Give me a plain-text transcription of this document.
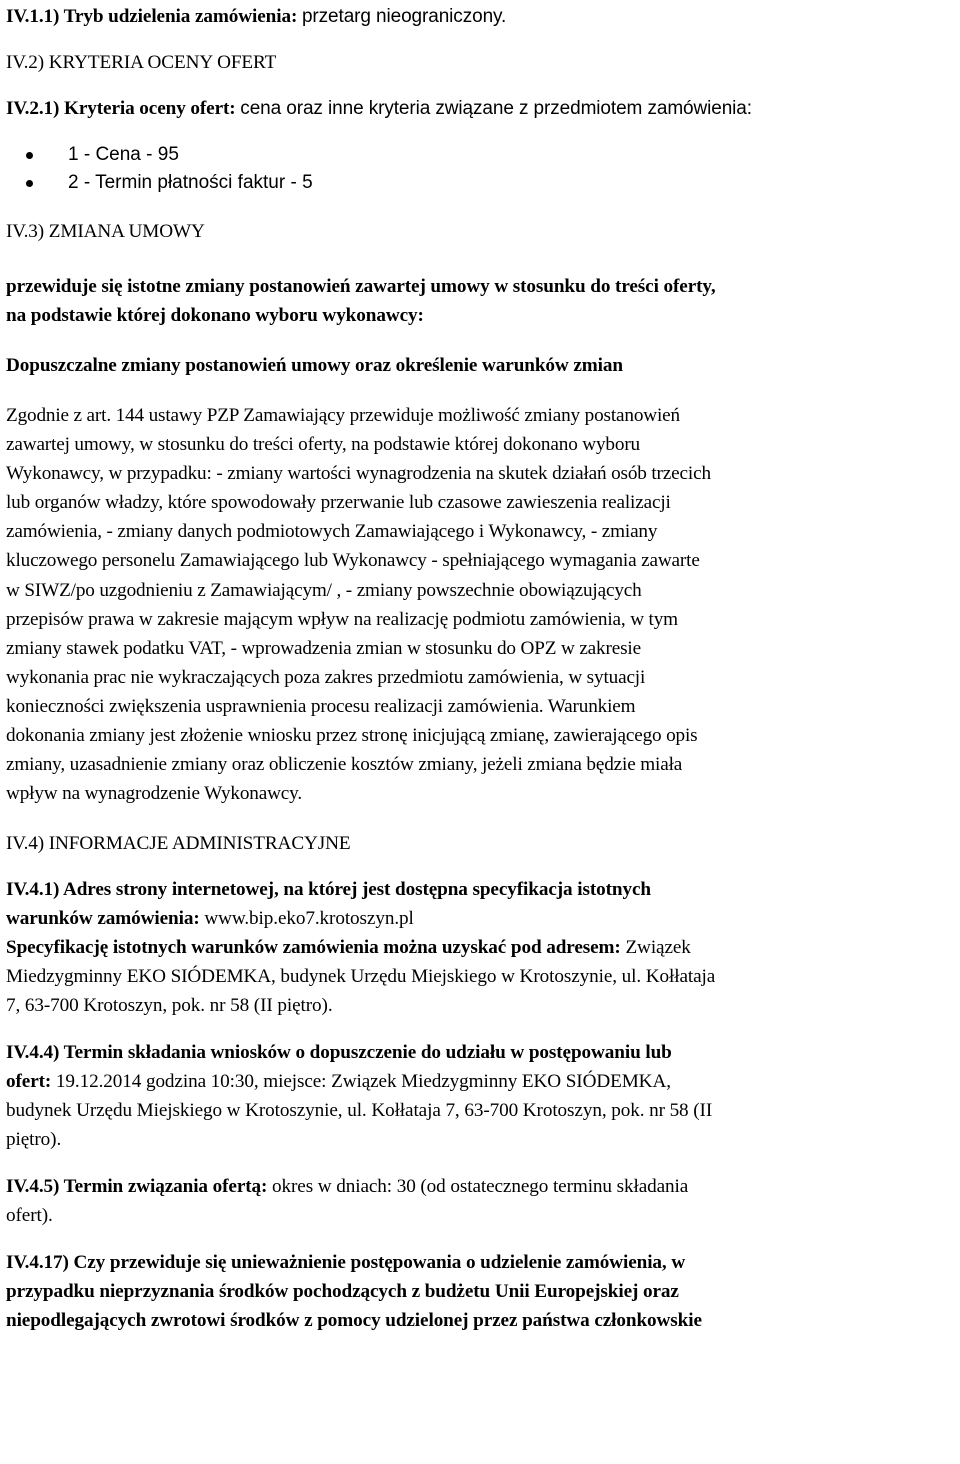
IV.1.1) Tryb udzielenia zamówienia: przetarg nieograniczony.
IV.2) KRYTERIA OCENY OFERT
IV.2.1) Kryteria oceny ofert: cena oraz inne kryteria związane z przedmiotem zamówienia:
1 - Cena - 95
2 - Termin płatności faktur - 5
IV.3) ZMIANA UMOWY
przewiduje się istotne zmiany postanowień zawartej umowy w stosunku do treści oferty,
na podstawie której dokonano wyboru wykonawcy:
Dopuszczalne zmiany postanowień umowy oraz określenie warunków zmian
Zgodnie z art. 144 ustawy PZP Zamawiający przewiduje możliwość zmiany postanowień
zawartej umowy, w stosunku do treści oferty, na podstawie której dokonano wyboru
Wykonawcy, w przypadku: - zmiany wartości wynagrodzenia na skutek działań osób trzecich
lub organów władzy, które spowodowały przerwanie lub czasowe zawieszenia realizacji
zamówienia, - zmiany danych podmiotowych Zamawiającego i Wykonawcy, - zmiany
kluczowego personelu Zamawiającego lub Wykonawcy - spełniającego wymagania zawarte
w SIWZ/po uzgodnieniu z Zamawiającym/ , - zmiany powszechnie obowiązujących
przepisów prawa w zakresie mającym wpływ na realizację podmiotu zamówienia, w tym
zmiany stawek podatku VAT, - wprowadzenia zmian w stosunku do OPZ w zakresie
wykonania prac nie wykraczających poza zakres przedmiotu zamówienia, w sytuacji
konieczności zwiększenia usprawnienia procesu realizacji zamówienia. Warunkiem
dokonania zmiany jest złożenie wniosku przez stronę inicjującą zmianę, zawierającego opis
zmiany, uzasadnienie zmiany oraz obliczenie kosztów zmiany, jeżeli zmiana będzie miała
wpływ na wynagrodzenie Wykonawcy.
IV.4) INFORMACJE ADMINISTRACYJNE
IV.4.1) Adres strony internetowej, na której jest dostępna specyfikacja istotnych
warunków zamówienia: www.bip.eko7.krotoszyn.pl
Specyfikację istotnych warunków zamówienia można uzyskać pod adresem: Związek
Miedzygminny EKO SIÓDEMKA, budynek Urzędu Miejskiego w Krotoszynie, ul. Kołłataja
7, 63-700 Krotoszyn, pok. nr 58 (II piętro).
IV.4.4) Termin składania wniosków o dopuszczenie do udziału w postępowaniu lub
ofert: 19.12.2014 godzina 10:30, miejsce: Związek Miedzygminny EKO SIÓDEMKA,
budynek Urzędu Miejskiego w Krotoszynie, ul. Kołłataja 7, 63-700 Krotoszyn, pok. nr 58 (II
piętro).
IV.4.5) Termin związania ofertą: okres w dniach: 30 (od ostatecznego terminu składania
ofert).
IV.4.17) Czy przewiduje się unieważnienie postępowania o udzielenie zamówienia, w
przypadku nieprzyznania środków pochodzących z budżetu Unii Europejskiej oraz
niepodlegających zwrotowi środków z pomocy udzielonej przez państwa członkowskie
